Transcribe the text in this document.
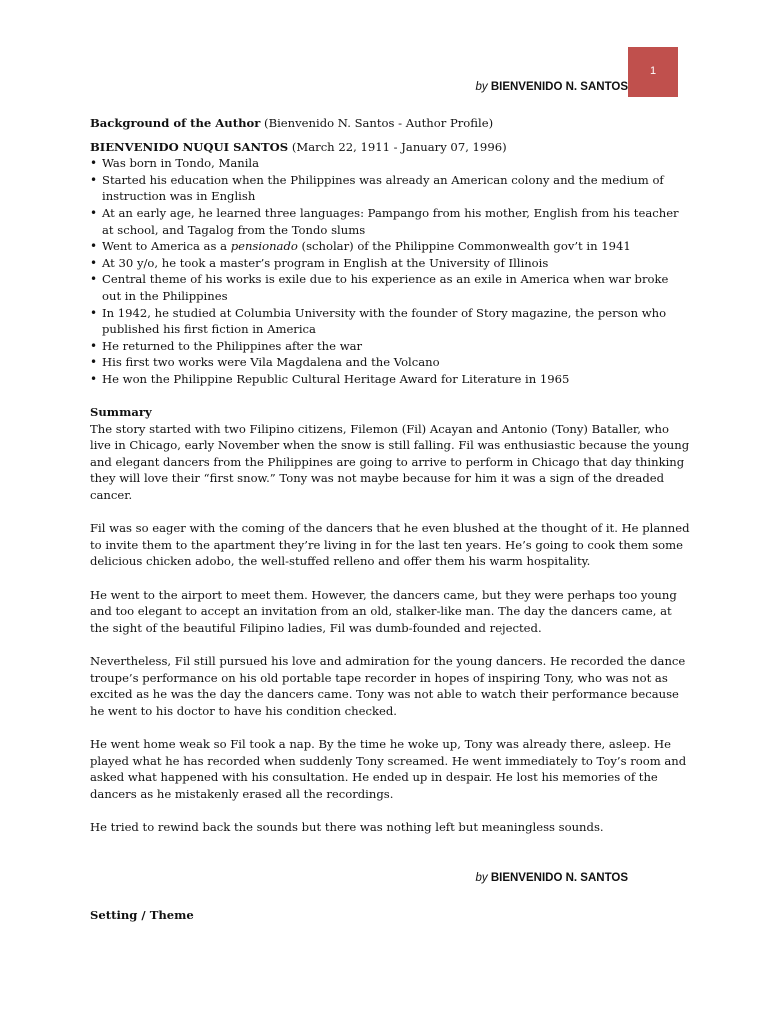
1
by BIENVENIDO N. SANTOS

Background of the Author (Bienvenido N. Santos - Author Profile)

BIENVENIDO NUQUI SANTOS (March 22, 1911 - January 07, 1996)

• Was born in Tondo, Manila
• Started his education when the Philippines was already an American colony and the medium of instruction was in English
• At an early age, he learned three languages: Pampango from his mother, English from his teacher at school, and Tagalog from the Tondo slums
• Went to America as a pensionado (scholar) of the Philippine Commonwealth gov’t in 1941
• At 30 y/o, he took a master’s program in English at the University of Illinois
• Central theme of his works is exile due to his experience as an exile in America when war broke out in the Philippines
• In 1942, he studied at Columbia University with the founder of Story magazine, the person who published his first fiction in America
• He returned to the Philippines after the war
• His first two works were Vila Magdalena and the Volcano
• He won the Philippine Republic Cultural Heritage Award for Literature in 1965

Summary

The story started with two Filipino citizens, Filemon (Fil) Acayan and Antonio (Tony) Bataller, who live in Chicago, early November when the snow is still falling. Fil was enthusiastic because the young and elegant dancers from the Philippines are going to arrive to perform in Chicago that day thinking they will love their “first snow.” Tony was not maybe because for him it was a sign of the dreaded cancer.

Fil was so eager with the coming of the dancers that he even blushed at the thought of it. He planned to invite them to the apartment they’re living in for the last ten years. He’s going to cook them some delicious chicken adobo, the well-stuffed relleno and offer them his warm hospitality.

He went to the airport to meet them. However, the dancers came, but they were perhaps too young and too elegant to accept an invitation from an old, stalker-like man. The day the dancers came, at the sight of the beautiful Filipino ladies, Fil was dumb-founded and rejected.

Nevertheless, Fil still pursued his love and admiration for the young dancers. He recorded the dance troupe’s performance on his old portable tape recorder in hopes of inspiring Tony, who was not as excited as he was the day the dancers came. Tony was not able to watch their performance because he went to his doctor to have his condition checked.

He went home weak so Fil took a nap. By the time he woke up, Tony was already there, asleep. He played what he has recorded when suddenly Tony screamed. He went immediately to Toy’s room and asked what happened with his consultation. He ended up in despair. He lost his memories of the dancers as he mistakenly erased all the recordings.

He tried to rewind back the sounds but there was nothing left but meaningless sounds.

by BIENVENIDO N. SANTOS

Setting / Theme
